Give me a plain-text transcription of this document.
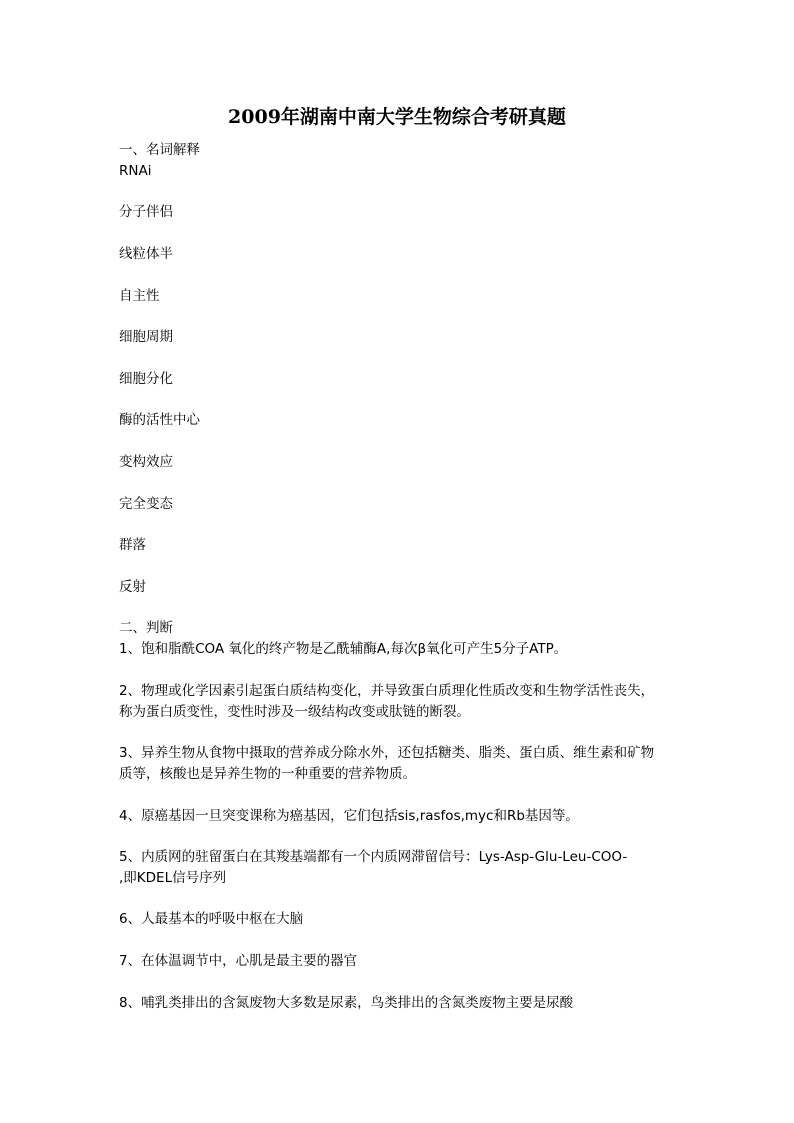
2009年湖南中南大学生物综合考研真题
一、名词解释
RNAi
分子伴侣
线粒体半
自主性
细胞周期
细胞分化
酶的活性中心
变构效应
完全变态
群落
反射
二、判断
1、饱和脂酰COA 氧化的终产物是乙酰辅酶A,每次β氧化可产生5分子ATP。
2、物理或化学因素引起蛋白质结构变化，并导致蛋白质理化性质改变和生物学活性丧失，
称为蛋白质变性，变性时涉及一级结构改变或肽链的断裂。
3、异养生物从食物中摄取的营养成分除水外，还包括糖类、脂类、蛋白质、维生素和矿物
质等，核酸也是异养生物的一种重要的营养物质。
4、原癌基因一旦突变课称为癌基因，它们包括sis,rasfos,myc和Rb基因等。
5、内质网的驻留蛋白在其羧基端都有一个内质网滞留信号：Lys-Asp-Glu-Leu-COO-
,即KDEL信号序列
6、人最基本的呼吸中枢在大脑
7、在体温调节中，心肌是最主要的器官
8、哺乳类排出的含氮废物大多数是尿素，鸟类排出的含氮类废物主要是尿酸
